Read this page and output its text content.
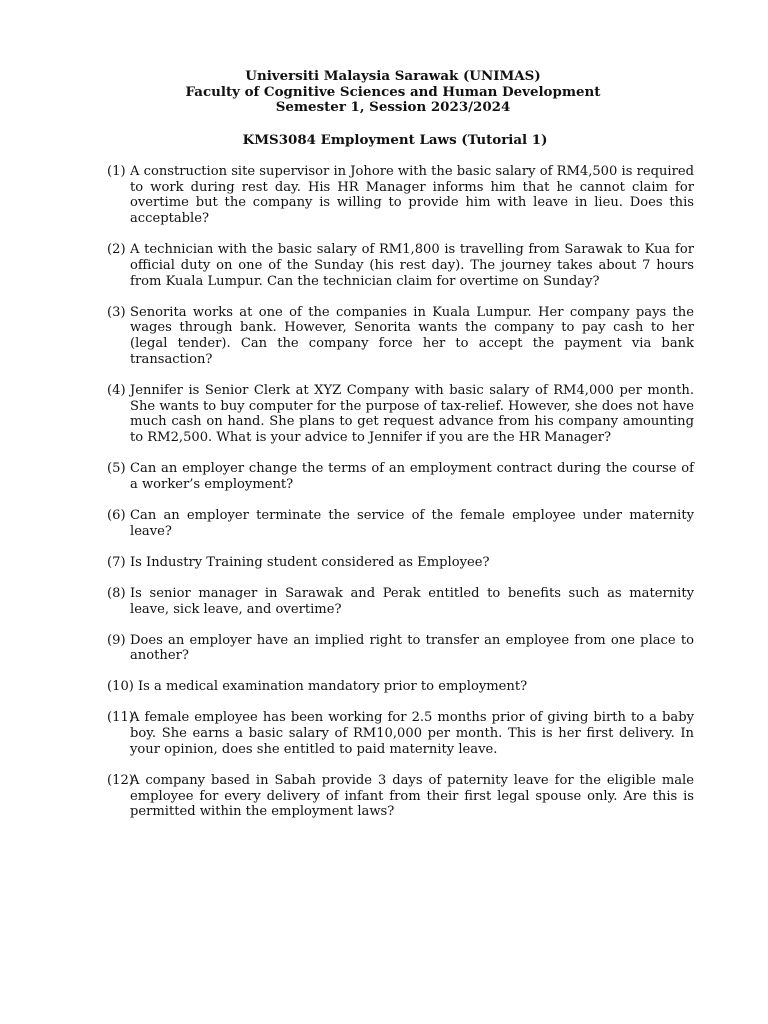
Universiti Malaysia Sarawak (UNIMAS)
Faculty of Cognitive Sciences and Human Development
Semester 1, Session 2023/2024
KMS3084 Employment Laws (Tutorial 1)
(1) A construction site supervisor in Johore with the basic salary of RM4,500 is required to work during rest day. His HR Manager informs him that he cannot claim for overtime but the company is willing to provide him with leave in lieu. Does this acceptable?
(2) A technician with the basic salary of RM1,800 is travelling from Sarawak to Kua for official duty on one of the Sunday (his rest day). The journey takes about 7 hours from Kuala Lumpur. Can the technician claim for overtime on Sunday?
(3) Senorita works at one of the companies in Kuala Lumpur. Her company pays the wages through bank. However, Senorita wants the company to pay cash to her (legal tender). Can the company force her to accept the payment via bank transaction?
(4) Jennifer is Senior Clerk at XYZ Company with basic salary of RM4,000 per month. She wants to buy computer for the purpose of tax-relief. However, she does not have much cash on hand. She plans to get request advance from his company amounting to RM2,500. What is your advice to Jennifer if you are the HR Manager?
(5) Can an employer change the terms of an employment contract during the course of a worker’s employment?
(6) Can an employer terminate the service of the female employee under maternity leave?
(7) Is Industry Training student considered as Employee?
(8) Is senior manager in Sarawak and Perak entitled to benefits such as maternity leave, sick leave, and overtime?
(9) Does an employer have an implied right to transfer an employee from one place to another?
(10) Is a medical examination mandatory prior to employment?
(11)
A female employee has been working for 2.5 months prior of giving birth to a baby boy. She earns a basic salary of RM10,000 per month. This is her first delivery. In your opinion, does she entitled to paid maternity leave.
(12)
A company based in Sabah provide 3 days of paternity leave for the eligible male employee for every delivery of infant from their first legal spouse only. Are this is permitted within the employment laws?
